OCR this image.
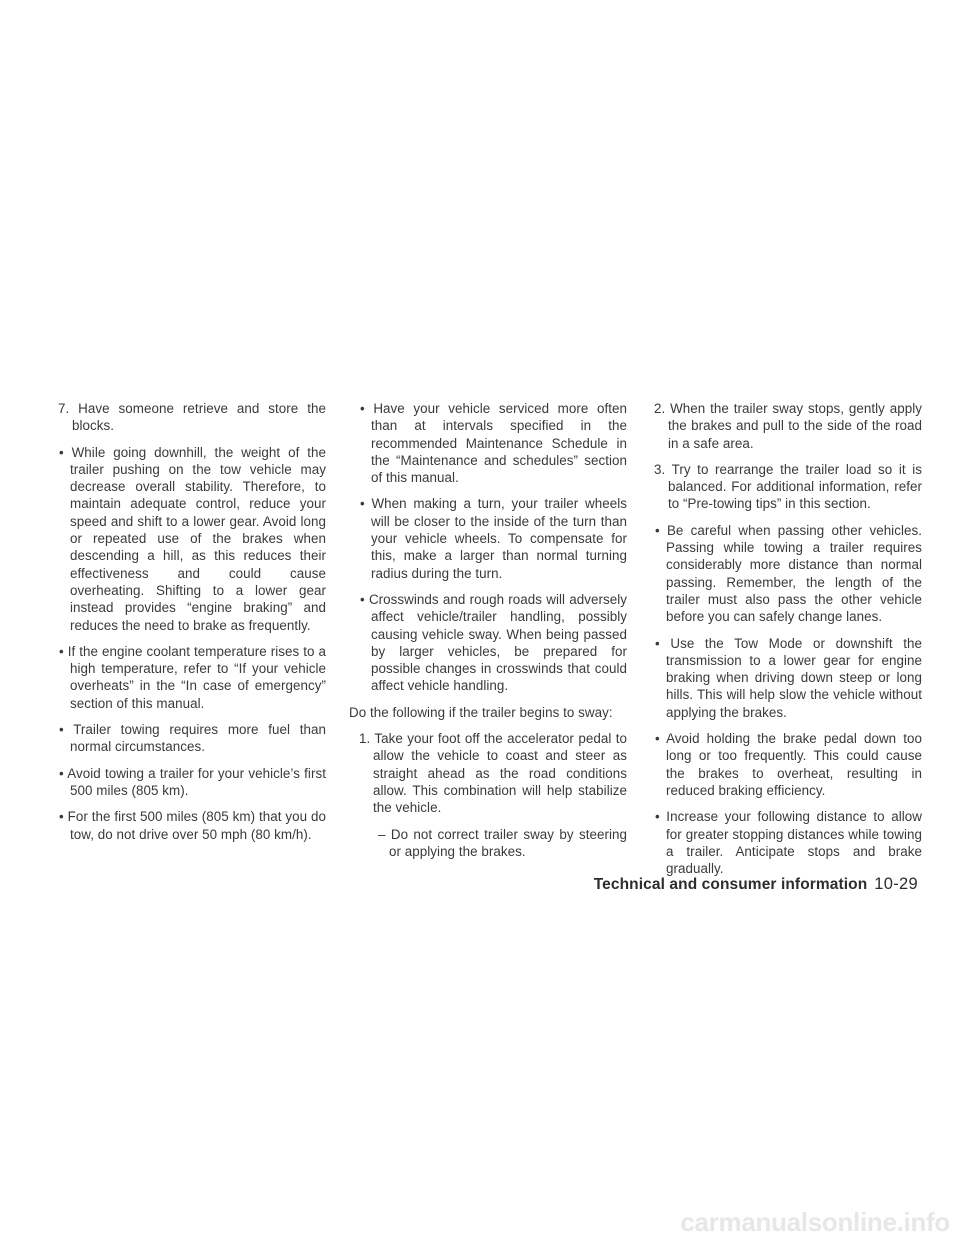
7. Have someone retrieve and store the blocks.

• While going downhill, the weight of the trailer pushing on the tow vehicle may decrease overall stability. Therefore, to maintain adequate control, reduce your speed and shift to a lower gear. Avoid long or repeated use of the brakes when descending a hill, as this reduces their effectiveness and could cause overheating. Shifting to a lower gear instead provides “engine braking” and reduces the need to brake as frequently.

• If the engine coolant temperature rises to a high temperature, refer to “If your vehicle overheats” in the “In case of emergency” section of this manual.

• Trailer towing requires more fuel than normal circumstances.

• Avoid towing a trailer for your vehicle’s first 500 miles (805 km).

• For the first 500 miles (805 km) that you do tow, do not drive over 50 mph (80 km/h).

• Have your vehicle serviced more often than at intervals specified in the recommended Maintenance Schedule in the “Maintenance and schedules” section of this manual.

• When making a turn, your trailer wheels will be closer to the inside of the turn than your vehicle wheels. To compensate for this, make a larger than normal turning radius during the turn.

• Crosswinds and rough roads will adversely affect vehicle/trailer handling, possibly causing vehicle sway. When being passed by larger vehicles, be prepared for possible changes in crosswinds that could affect vehicle handling.

Do the following if the trailer begins to sway:

1. Take your foot off the accelerator pedal to allow the vehicle to coast and steer as straight ahead as the road conditions allow. This combination will help stabilize the vehicle.

– Do not correct trailer sway by steering or applying the brakes.

2. When the trailer sway stops, gently apply the brakes and pull to the side of the road in a safe area.

3. Try to rearrange the trailer load so it is balanced. For additional information, refer to “Pre-towing tips” in this section.

• Be careful when passing other vehicles. Passing while towing a trailer requires considerably more distance than normal passing. Remember, the length of the trailer must also pass the other vehicle before you can safely change lanes.

• Use the Tow Mode or downshift the transmission to a lower gear for engine braking when driving down steep or long hills. This will help slow the vehicle without applying the brakes.

• Avoid holding the brake pedal down too long or too frequently. This could cause the brakes to overheat, resulting in reduced braking efficiency.

• Increase your following distance to allow for greater stopping distances while towing a trailer. Anticipate stops and brake gradually.

Technical and consumer information 10-29
carmanualsonline.info
